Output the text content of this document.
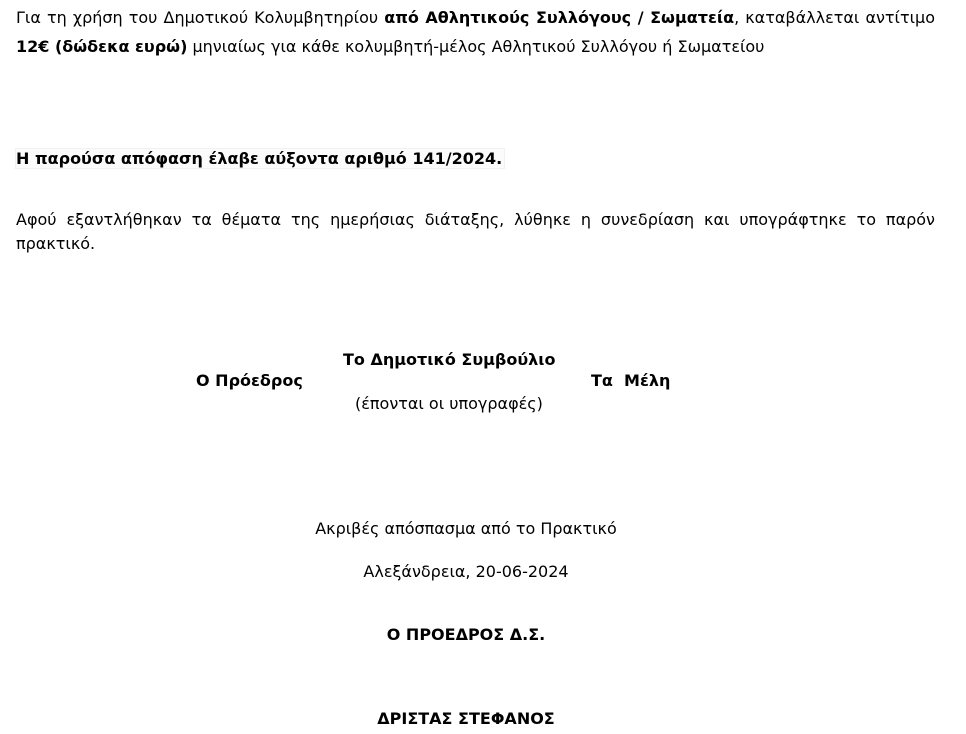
Για τη χρήση του Δημοτικού Κολυμβητηρίου από Αθλητικούς Συλλόγους / Σωματεία, καταβάλλεται αντίτιμο 12€ (δώδεκα ευρώ) μηνιαίως για κάθε κολυμβητή-μέλος Αθλητικού Συλλόγου ή Σωματείου

Η παρούσα απόφαση έλαβε αύξοντα αριθμό 141/2024.

Αφού εξαντλήθηκαν τα θέματα της ημερήσιας διάταξης, λύθηκε η συνεδρίαση και υπογράφτηκε το παρόν πρακτικό.

Ο Πρόεδρος
Το Δημοτικό Συμβούλιο
(έπονται οι υπογραφές)
Τα  Μέλη
Ακριβές απόσπασμα από το Πρακτικό
Αλεξάνδρεια, 20-06-2024
Ο ΠΡΟΕΔΡΟΣ Δ.Σ.
ΔΡΙΣΤΑΣ ΣΤΕΦΑΝΟΣ
